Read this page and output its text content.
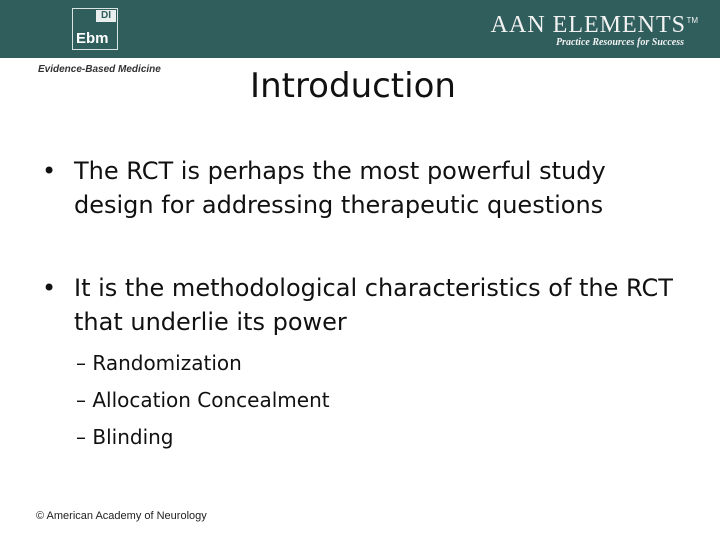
DI
Ebm
AAN ELEMENTS TM
Practice Resources for Success
Evidence-Based Medicine	Introduction
• The RCT is perhaps the most powerful study design for addressing therapeutic questions
• It is the methodological characteristics of the RCT that underlie its power
– Randomization
– Allocation Concealment
– Blinding
© American Academy of Neurology
